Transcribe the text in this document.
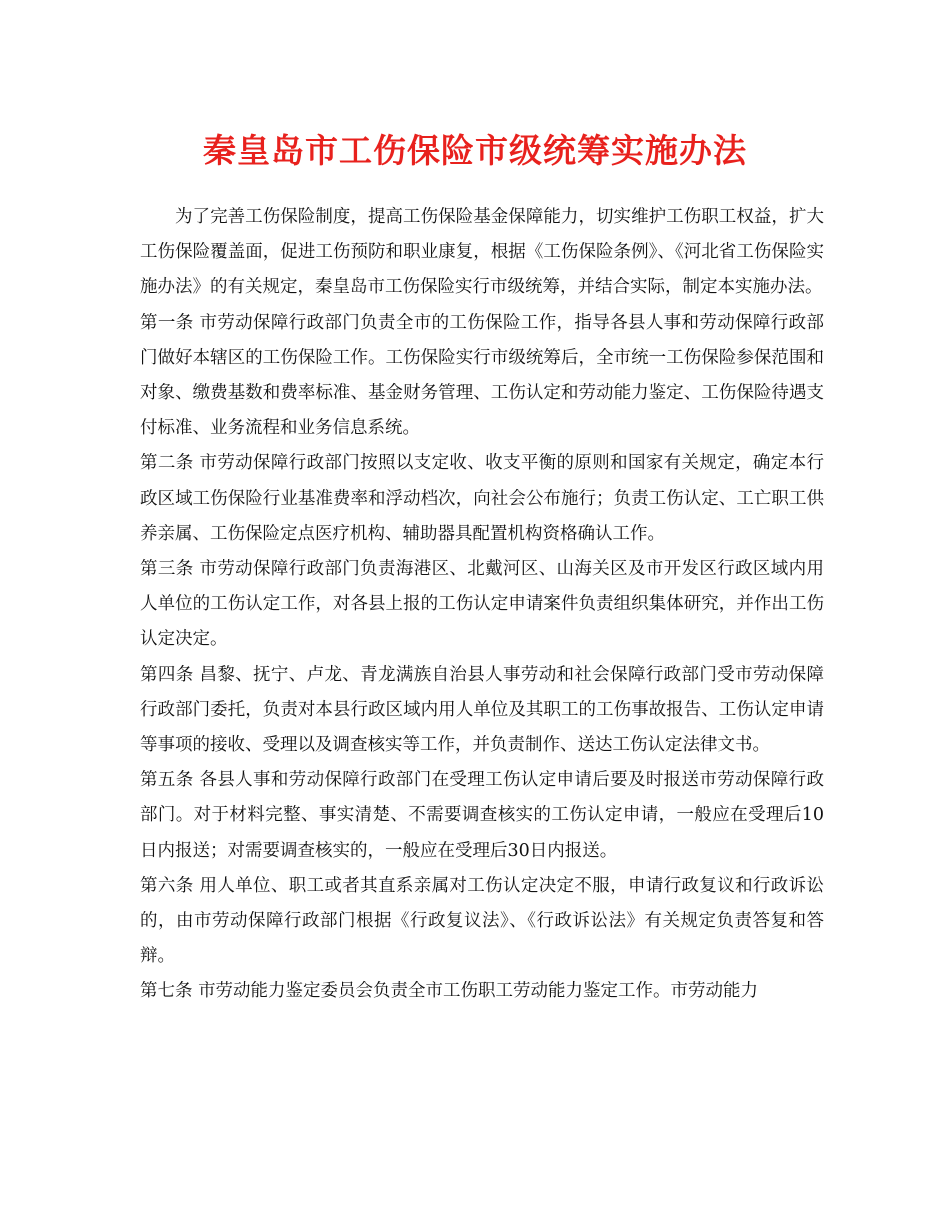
秦皇岛市工伤保险市级统筹实施办法

为了完善工伤保险制度，提高工伤保险基金保障能力，切实维护工伤职工权益，扩大工伤保险覆盖面，促进工伤预防和职业康复，根据《工伤保险条例》、《河北省工伤保险实施办法》的有关规定，秦皇岛市工伤保险实行市级统筹，并结合实际，制定本实施办法。

第一条 市劳动保障行政部门负责全市的工伤保险工作，指导各县人事和劳动保障行政部门做好本辖区的工伤保险工作。工伤保险实行市级统筹后，全市统一工伤保险参保范围和对象、缴费基数和费率标准、基金财务管理、工伤认定和劳动能力鉴定、工伤保险待遇支付标准、业务流程和业务信息系统。

第二条 市劳动保障行政部门按照以支定收、收支平衡的原则和国家有关规定，确定本行政区域工伤保险行业基准费率和浮动档次，向社会公布施行；负责工伤认定、工亡职工供养亲属、工伤保险定点医疗机构、辅助器具配置机构资格确认工作。

第三条 市劳动保障行政部门负责海港区、北戴河区、山海关区及市开发区行政区域内用人单位的工伤认定工作，对各县上报的工伤认定申请案件负责组织集体研究，并作出工伤认定决定。

第四条 昌黎、抚宁、卢龙、青龙满族自治县人事劳动和社会保障行政部门受市劳动保障行政部门委托，负责对本县行政区域内用人单位及其职工的工伤事故报告、工伤认定申请等事项的接收、受理以及调查核实等工作，并负责制作、送达工伤认定法律文书。

第五条 各县人事和劳动保障行政部门在受理工伤认定申请后要及时报送市劳动保障行政部门。对于材料完整、事实清楚、不需要调查核实的工伤认定申请，一般应在受理后10日内报送；对需要调查核实的，一般应在受理后30日内报送。

第六条 用人单位、职工或者其直系亲属对工伤认定决定不服，申请行政复议和行政诉讼的，由市劳动保障行政部门根据《行政复议法》、《行政诉讼法》有关规定负责答复和答辩。

第七条 市劳动能力鉴定委员会负责全市工伤职工劳动能力鉴定工作。市劳动能力
